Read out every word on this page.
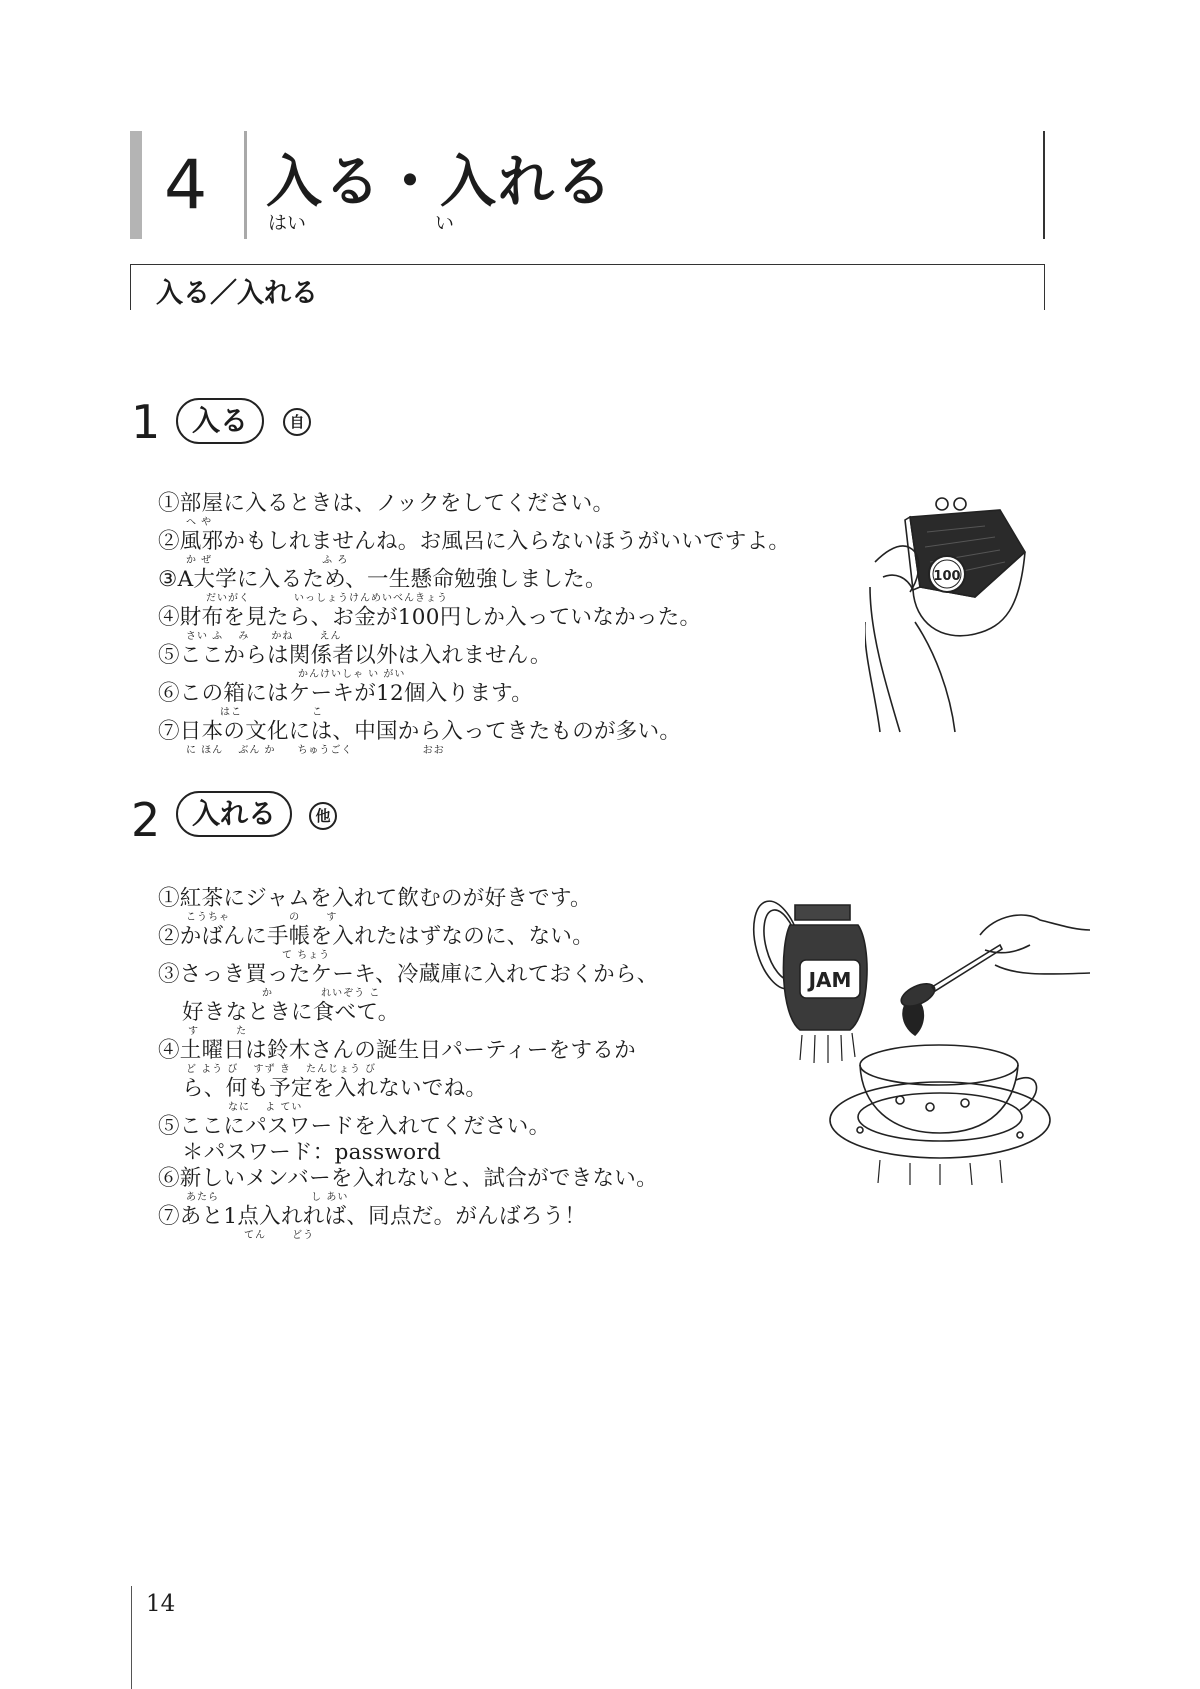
4 入る・入れる
はい	い
入る／入れる
1	入る	自
①部屋に入るときは、ノックをしてください。
へ や
②風邪かもしれませんね。お風呂に入らないほうがいいですよ。
か ぜ　　　　　　　　　　ふ ろ
③A大学に入るため、一生懸命勉強しました。
だいがく　　　　いっしょうけんめいべんきょう
④財布を見たら、お金が100円しか入っていなかった。
さい ふ　 み　　かね　　 えん
⑤ここからは関係者以外は入れません。
かんけいしゃ い がい
⑥この箱にはケーキが12個入ります。
はこ　　　　　　 こ
⑦日本の文化には、中国から入ってきたものが多い。
に ほん　 ぶん か　　ちゅうごく　　　　　　 おお
100
2	入れる	他
①紅茶にジャムを入れて飲むのが好きです。
こうちゃ　　　　　 の　　 す
②かばんに手帳を入れたはずなのに、ない。
て ちょう
③さっき買ったケーキ、冷蔵庫に入れておくから、
か　　　　 れいぞう こ
好きなときに食べて。
す　　　 た
④土曜日は鈴木さんの誕生日パーティーをするか
ど よう び　 すず き　 たんじょう び
ら、何も予定を入れないでね。
なに　 よ てい
⑤ここにパスワードを入れてください。
＊パスワード：password
⑥新しいメンバーを入れないと、試合ができない。
あたら　　　　　　　　 し あい
⑦あと1点入れれば、同点だ。がんばろう！
てん　　 どう
JAM
14
